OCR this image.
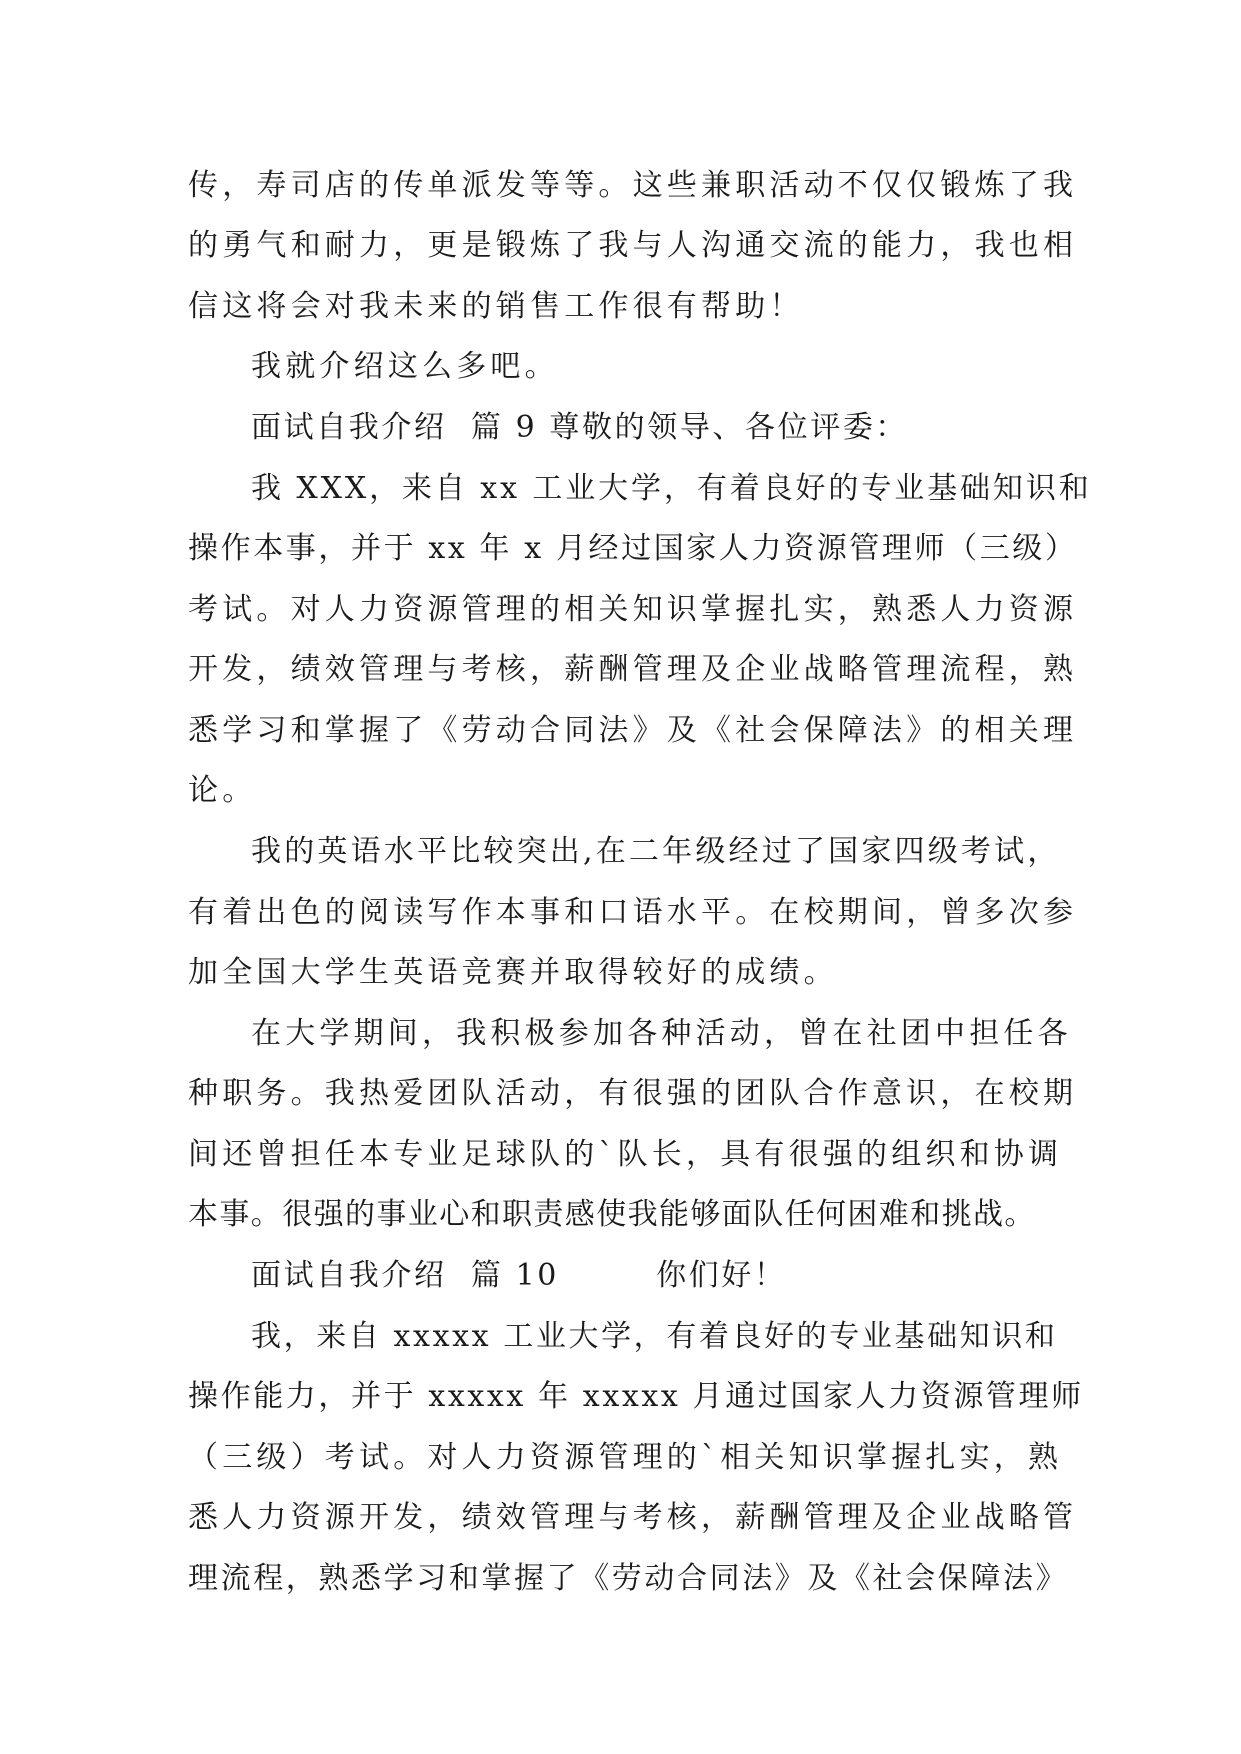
传，寿司店的传单派发等等。这些兼职活动不仅仅锻炼了我
的勇气和耐力，更是锻炼了我与人沟通交流的能力，我也相
信这将会对我未来的销售工作很有帮助！
我就介绍这么多吧。
面试自我介绍  篇 9 尊敬的领导、各位评委：
我 XXX，来自 xx 工业大学，有着良好的专业基础知识和
操作本事，并于 xx 年 x 月经过国家人力资源管理师（三级）
考试。对人力资源管理的相关知识掌握扎实，熟悉人力资源
开发，绩效管理与考核，薪酬管理及企业战略管理流程，熟
悉学习和掌握了《劳动合同法》及《社会保障法》的相关理
论。
我的英语水平比较突出,在二年级经过了国家四级考试，
有着出色的阅读写作本事和口语水平。在校期间，曾多次参
加全国大学生英语竞赛并取得较好的成绩。
在大学期间，我积极参加各种活动，曾在社团中担任各
种职务。我热爱团队活动，有很强的团队合作意识，在校期
间还曾担任本专业足球队的`队长，具有很强的组织和协调
本事。很强的事业心和职责感使我能够面队任何困难和挑战。
面试自我介绍  篇 10        你们好！
我，来自 xxxxx 工业大学，有着良好的专业基础知识和
操作能力，并于 xxxxx 年 xxxxx 月通过国家人力资源管理师
（三级）考试。对人力资源管理的`相关知识掌握扎实，熟
悉人力资源开发，绩效管理与考核，薪酬管理及企业战略管
理流程，熟悉学习和掌握了《劳动合同法》及《社会保障法》
